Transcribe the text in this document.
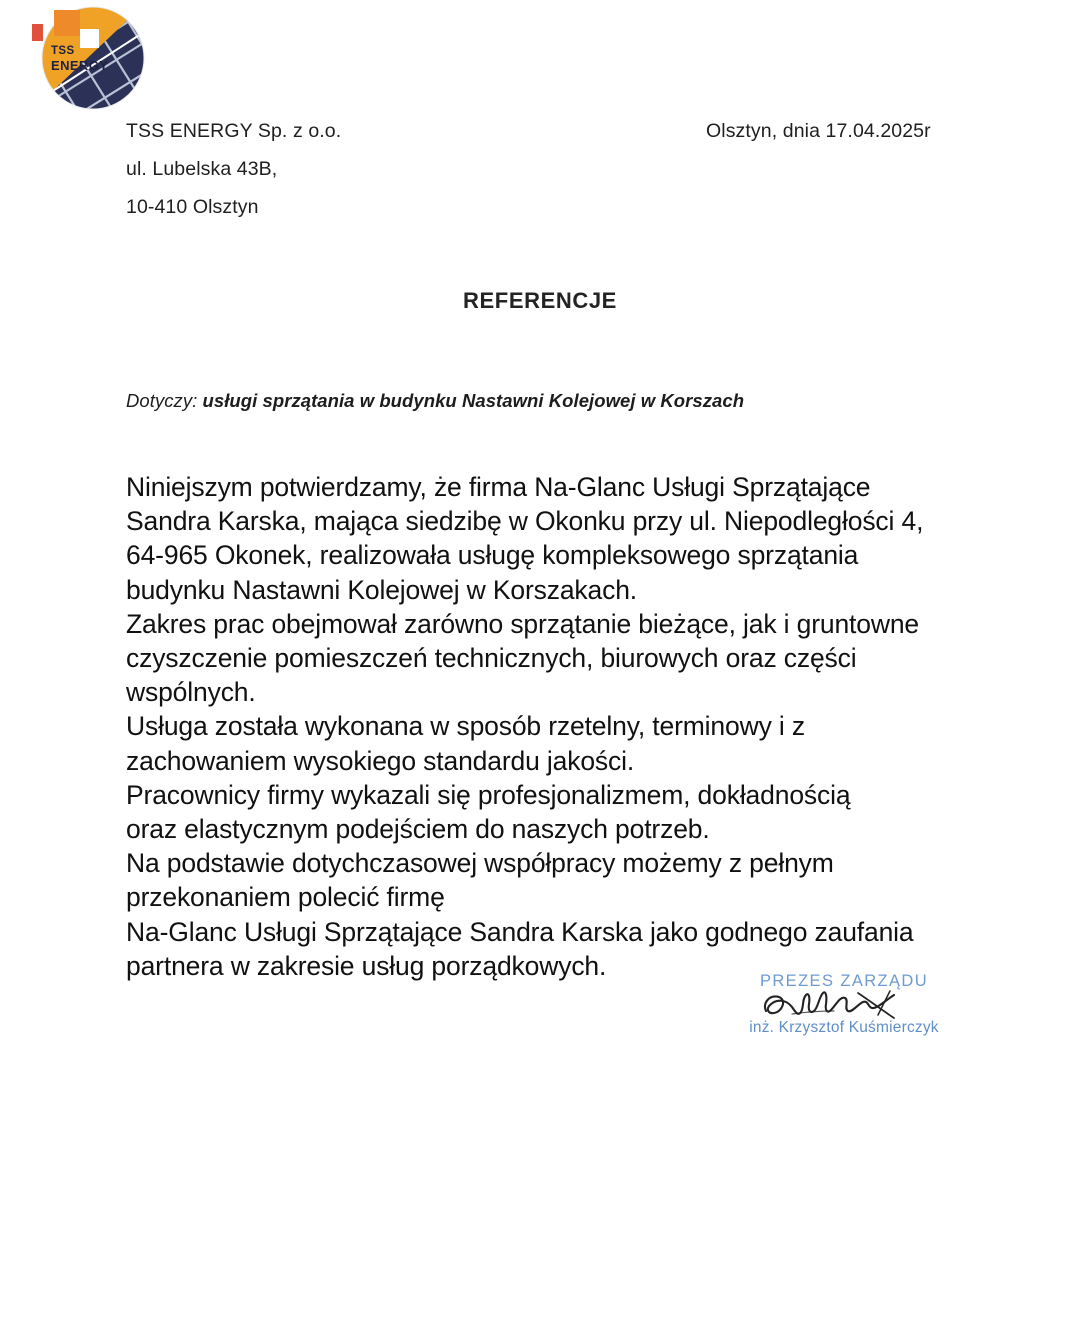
TSS
ENERGY
TSS ENERGY Sp. z o.o.
ul. Lubelska 43B,
10-410 Olsztyn
Olsztyn, dnia 17.04.2025r
REFERENCJE
Dotyczy: usługi sprzątania w budynku Nastawni Kolejowej w Korszach
Niniejszym potwierdzamy, że firma Na-Glanc Usługi Sprzątające
Sandra Karska, mająca siedzibę w Okonku przy ul. Niepodległości 4,
64-965 Okonek, realizowała usługę kompleksowego sprzątania
budynku Nastawni Kolejowej w Korszakach.
Zakres prac obejmował zarówno sprzątanie bieżące, jak i gruntowne
czyszczenie pomieszczeń technicznych, biurowych oraz części
wspólnych.
Usługa została wykonana w sposób rzetelny, terminowy i z
zachowaniem wysokiego standardu jakości.
Pracownicy firmy wykazali się profesjonalizmem, dokładnością
oraz elastycznym podejściem do naszych potrzeb.
Na podstawie dotychczasowej współpracy możemy z pełnym
przekonaniem polecić firmę
Na-Glanc Usługi Sprzątające Sandra Karska jako godnego zaufania
partnera w zakresie usług porządkowych.
PREZES ZARZĄDU
inż. Krzysztof Kuśmierczyk
